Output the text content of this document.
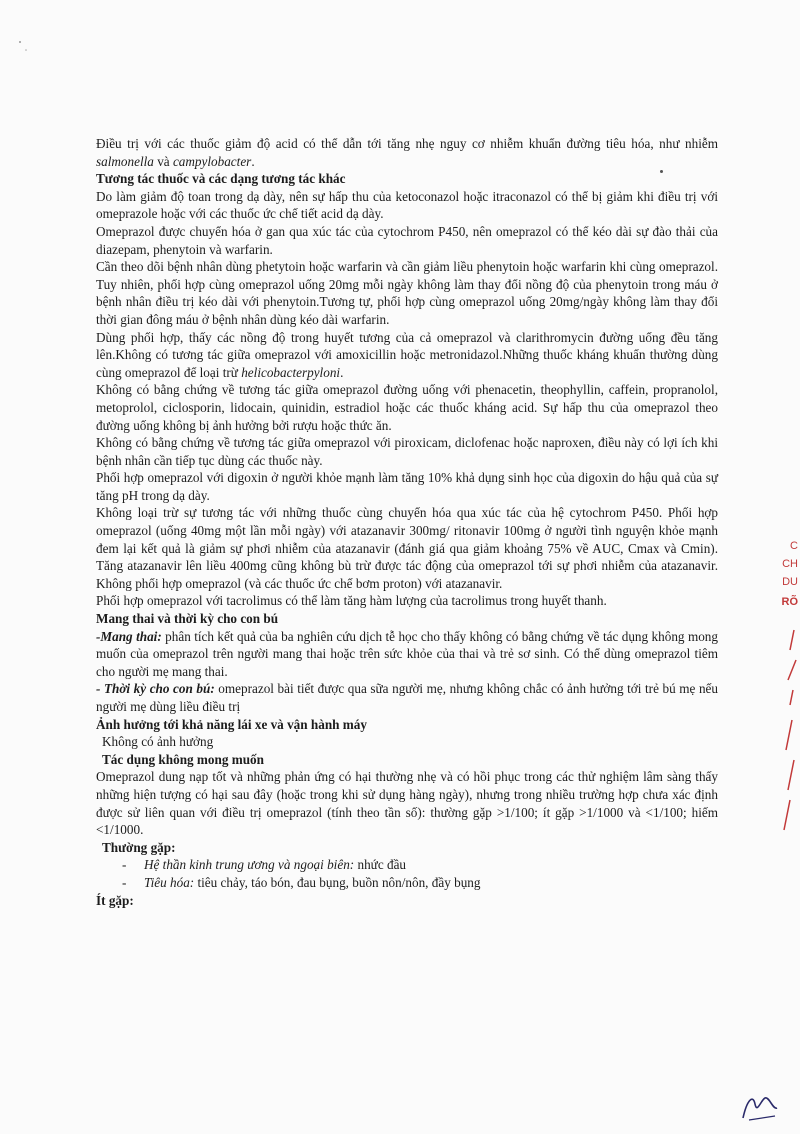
Điều trị với các thuốc giảm độ acid có thể dẫn tới tăng nhẹ nguy cơ nhiễm khuẩn đường tiêu hóa, như nhiễm salmonella và campylobacter.

Tương tác thuốc và các dạng tương tác khác

Do làm giảm độ toan trong dạ dày, nên sự hấp thu của ketoconazol hoặc itraconazol có thể bị giảm khi điều trị với omeprazole hoặc với các thuốc ức chế tiết acid dạ dày.

Omeprazol được chuyển hóa ở gan qua xúc tác của cytochrom P450, nên omeprazol có thể kéo dài sự đào thải của diazepam, phenytoin và warfarin.

Cần theo dõi bệnh nhân dùng phetytoin hoặc warfarin và cần giảm liều phenytoin hoặc warfarin khi cùng omeprazol. Tuy nhiên, phối hợp cùng omeprazol uống 20mg mỗi ngày không làm thay đổi nồng độ của phenytoin trong máu ở bệnh nhân điều trị kéo dài với phenytoin.Tương tự, phối hợp cùng omeprazol uống 20mg/ngày không làm thay đổi thời gian đông máu ở bệnh nhân dùng kéo dài warfarin.

Dùng phối hợp, thấy các nồng độ trong huyết tương của cả omeprazol và clarithromycin đường uống đều tăng lên.Không có tương tác giữa omeprazol với amoxicillin hoặc metronidazol.Những thuốc kháng khuẩn thường dùng cùng omeprazol để loại trừ helicobacterpyloni.

Không có bằng chứng về tương tác giữa omeprazol đường uống với phenacetin, theophyllin, caffein, propranolol, metoprolol, ciclosporin, lidocain, quinidin, estradiol hoặc các thuốc kháng acid. Sự hấp thu của omeprazol theo đường uống không bị ảnh hưởng bởi rượu hoặc thức ăn.

Không có bằng chứng về tương tác giữa omeprazol với piroxicam, diclofenac hoặc naproxen, điều này có lợi ích khi bệnh nhân cần tiếp tục dùng các thuốc này.

Phối hợp omeprazol với digoxin ở người khỏe mạnh làm tăng 10% khả dụng sinh học của digoxin do hậu quả của sự tăng pH trong dạ dày.

Không loại trừ sự tương tác với những thuốc cùng chuyển hóa qua xúc tác của hệ cytochrom P450. Phối hợp omeprazol (uống 40mg một lần mỗi ngày) với atazanavir 300mg/ ritonavir 100mg ở người tình nguyện khỏe mạnh đem lại kết quả là giảm sự phơi nhiễm của atazanavir (đánh giá qua giảm khoảng 75% về AUC, Cmax và Cmin). Tăng atazanavir lên liều 400mg cũng không bù trừ được tác động của omeprazol tới sự phơi nhiễm của atazanavir. Không phối hợp omeprazol (và các thuốc ức chế bơm proton) với atazanavir.

Phối hợp omeprazol với tacrolimus có thể làm tăng hàm lượng của tacrolimus trong huyết thanh.

Mang thai và thời kỳ cho con bú

-Mang thai: phân tích kết quả của ba nghiên cứu dịch tễ học cho thấy không có bằng chứng về tác dụng không mong muốn của omeprazol trên người mang thai hoặc trên sức khỏe của thai và trẻ sơ sinh. Có thể dùng omeprazol tiêm cho người mẹ mang thai.

- Thời kỳ cho con bú: omeprazol bài tiết được qua sữa người mẹ, nhưng không chắc có ảnh hưởng tới trẻ bú mẹ nếu người mẹ dùng liều điều trị

Ảnh hưởng tới khả năng lái xe và vận hành máy

Không có ảnh hưởng

Tác dụng không mong muốn

Omeprazol dung nạp tốt và những phản ứng có hại thường nhẹ và có hồi phục trong các thử nghiệm lâm sàng thấy những hiện tượng có hại sau đây (hoặc trong khi sử dụng hàng ngày), nhưng trong nhiều trường hợp chưa xác định được sử liên quan với điều trị omeprazol (tính theo tần số): thường gặp >1/100; ít gặp >1/1000 và <1/100; hiếm <1/1000.

Thường gặp:

- Hệ thần kinh trung ương và ngoại biên: nhức đầu
- Tiêu hóa: tiêu chảy, táo bón, đau bụng, buồn nôn/nôn, đầy bụng

Ít gặp:

C
CH
DU
RÕ
